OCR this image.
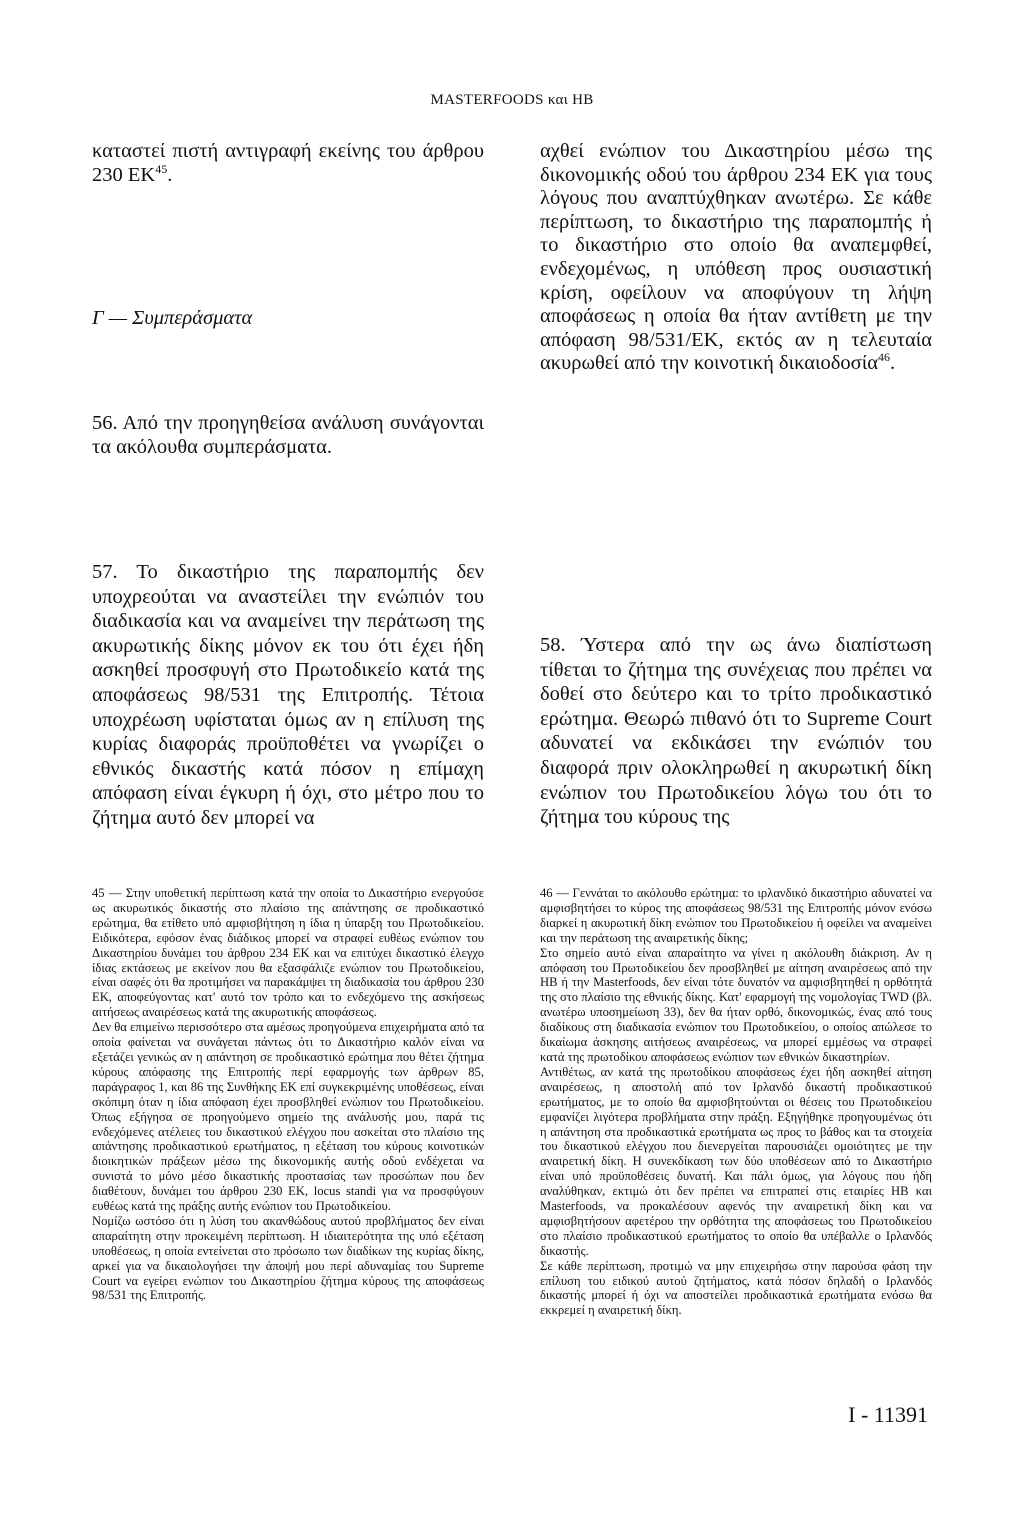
MASTERFOODS και HB

καταστεί πιστή αντιγραφή εκείνης του άρθρου 230 ΕΚ$^{45}$.

Γ — Συμπεράσματα

56. Από την προηγηθείσα ανάλυση συνάγονται τα ακόλουθα συμπεράσματα.

57. Το δικαστήριο της παραπομπής δεν υποχρεούται να αναστείλει την ενώπιόν του διαδικασία και να αναμείνει την περάτωση της ακυρωτικής δίκης μόνον εκ του ότι έχει ήδη ασκηθεί προσφυγή στο Πρωτοδικείο κατά της αποφάσεως 98/531 της Επιτροπής. Τέτοια υποχρέωση υφίσταται όμως αν η επίλυση της κυρίας διαφοράς προϋποθέτει να γνωρίζει ο εθνικός δικαστής κατά πόσον η επίμαχη απόφαση είναι έγκυρη ή όχι, στο μέτρο που το ζήτημα αυτό δεν μπορεί να

αχθεί ενώπιον του Δικαστηρίου μέσω της δικονομικής οδού του άρθρου 234 ΕΚ για τους λόγους που αναπτύχθηκαν ανωτέρω. Σε κάθε περίπτωση, το δικαστήριο της παραπομπής ή το δικαστήριο στο οποίο θα αναπεμφθεί, ενδεχομένως, η υπόθεση προς ουσιαστική κρίση, οφείλουν να αποφύγουν τη λήψη αποφάσεως η οποία θα ήταν αντίθετη με την απόφαση 98/531/ΕΚ, εκτός αν η τελευταία ακυρωθεί από την κοινοτική δικαιοδοσία$^{46}$.

58. Ύστερα από την ως άνω διαπίστωση τίθεται το ζήτημα της συνέχειας που πρέπει να δοθεί στο δεύτερο και το τρίτο προδικαστικό ερώτημα. Θεωρώ πιθανό ότι το Supreme Court αδυνατεί να εκδικάσει την ενώπιόν του διαφορά πριν ολοκληρωθεί η ακυρωτική δίκη ενώπιον του Πρωτοδικείου λόγω του ότι το ζήτημα του κύρους της

45 — Στην υποθετική περίπτωση κατά την οποία το Δικαστήριο ενεργούσε ως ακυρωτικός δικαστής στο πλαίσιο της απάντησης σε προδικαστικό ερώτημα, θα ετίθετο υπό αμφισβήτηση η ίδια η ύπαρξη του Πρωτοδικείου. Ειδικότερα, εφόσον ένας διάδικος μπορεί να στραφεί ευθέως ενώπιον του Δικαστηρίου δυνάμει του άρθρου 234 ΕΚ και να επιτύχει δικαστικό έλεγχο ίδιας εκτάσεως με εκείνον που θα εξασφάλιζε ενώπιον του Πρωτοδικείου, είναι σαφές ότι θα προτιμήσει να παρακάμψει τη διαδικασία του άρθρου 230 ΕΚ, αποφεύγοντας κατ' αυτό τον τρόπο και το ενδεχόμενο της ασκήσεως αιτήσεως αναιρέσεως κατά της ακυρωτικής αποφάσεως.

Δεν θα επιμείνω περισσότερο στα αμέσως προηγούμενα επιχειρήματα από τα οποία φαίνεται να συνάγεται πάντως ότι το Δικαστήριο καλόν είναι να εξετάζει γενικώς αν η απάντηση σε προδικαστικό ερώτημα που θέτει ζήτημα κύρους απόφασης της Επιτροπής περί εφαρμογής των άρθρων 85, παράγραφος 1, και 86 της Συνθήκης ΕΚ επί συγκεκριμένης υποθέσεως, είναι σκόπιμη όταν η ίδια απόφαση έχει προσβληθεί ενώπιον του Πρωτοδικείου. Όπως εξήγησα σε προηγούμενο σημείο της ανάλυσής μου, παρά τις ενδεχόμενες ατέλειες του δικαστικού ελέγχου που ασκείται στο πλαίσιο της απάντησης προδικαστικού ερωτήματος, η εξέταση του κύρους κοινοτικών διοικητικών πράξεων μέσω της δικονομικής αυτής οδού ενδέχεται να συνιστά το μόνο μέσο δικαστικής προστασίας των προσώπων που δεν διαθέτουν, δυνάμει του άρθρου 230 ΕΚ, locus standi για να προσφύγουν ευθέως κατά της πράξης αυτής ενώπιον του Πρωτοδικείου.

Νομίζω ωστόσο ότι η λύση του ακανθώδους αυτού προβλήματος δεν είναι απαραίτητη στην προκειμένη περίπτωση. Η ιδιαιτερότητα της υπό εξέταση υποθέσεως, η οποία εντείνεται στο πρόσωπο των διαδίκων της κυρίας δίκης, αρκεί για να δικαιολογήσει την άποψή μου περί αδυναμίας του Supreme Court να εγείρει ενώπιον του Δικαστηρίου ζήτημα κύρους της αποφάσεως 98/531 της Επιτροπής.

46 — Γεννάται το ακόλουθο ερώτημα: το ιρλανδικό δικαστήριο αδυνατεί να αμφισβητήσει το κύρος της αποφάσεως 98/531 της Επιτροπής μόνον ενόσω διαρκεί η ακυρωτική δίκη ενώπιον του Πρωτοδικείου ή οφείλει να αναμείνει και την περάτωση της αναιρετικής δίκης;

Στο σημείο αυτό είναι απαραίτητο να γίνει η ακόλουθη διάκριση. Αν η απόφαση του Πρωτοδικείου δεν προσβληθεί με αίτηση αναιρέσεως από την HB ή την Masterfoods, δεν είναι τότε δυνατόν να αμφισβητηθεί η ορθότητά της στο πλαίσιο της εθνικής δίκης. Κατ' εφαρμογή της νομολογίας TWD (βλ. ανωτέρω υποσημείωση 33), δεν θα ήταν ορθό, δικονομικώς, ένας από τους διαδίκους στη διαδικασία ενώπιον του Πρωτοδικείου, ο οποίος απώλεσε το δικαίωμα άσκησης αιτήσεως αναιρέσεως, να μπορεί εμμέσως να στραφεί κατά της πρωτοδίκου αποφάσεως ενώπιον των εθνικών δικαστηρίων.

Αντιθέτως, αν κατά της πρωτοδίκου αποφάσεως έχει ήδη ασκηθεί αίτηση αναιρέσεως, η αποστολή από τον Ιρλανδό δικαστή προδικαστικού ερωτήματος, με το οποίο θα αμφισβητούνται οι θέσεις του Πρωτοδικείου εμφανίζει λιγότερα προβλήματα στην πράξη. Εξηγήθηκε προηγουμένως ότι η απάντηση στα προδικαστικά ερωτήματα ως προς το βάθος και τα στοιχεία του δικαστικού ελέγχου που διενεργείται παρουσιάζει ομοιότητες με την αναιρετική δίκη. Η συνεκδίκαση των δύο υποθέσεων από το Δικαστήριο είναι υπό προϋποθέσεις δυνατή. Και πάλι όμως, για λόγους που ήδη αναλύθηκαν, εκτιμώ ότι δεν πρέπει να επιτραπεί στις εταιρίες HB και Masterfoods, να προκαλέσουν αφενός την αναιρετική δίκη και να αμφισβητήσουν αφετέρου την ορθότητα της αποφάσεως του Πρωτοδικείου στο πλαίσιο προδικαστικού ερωτήματος το οποίο θα υπέβαλλε ο Ιρλανδός δικαστής.

Σε κάθε περίπτωση, προτιμώ να μην επιχειρήσω στην παρούσα φάση την επίλυση του ειδικού αυτού ζητήματος, κατά πόσον δηλαδή ο Ιρλανδός δικαστής μπορεί ή όχι να αποστείλει προδικαστικά ερωτήματα ενόσω θα εκκρεμεί η αναιρετική δίκη.

I - 11391
